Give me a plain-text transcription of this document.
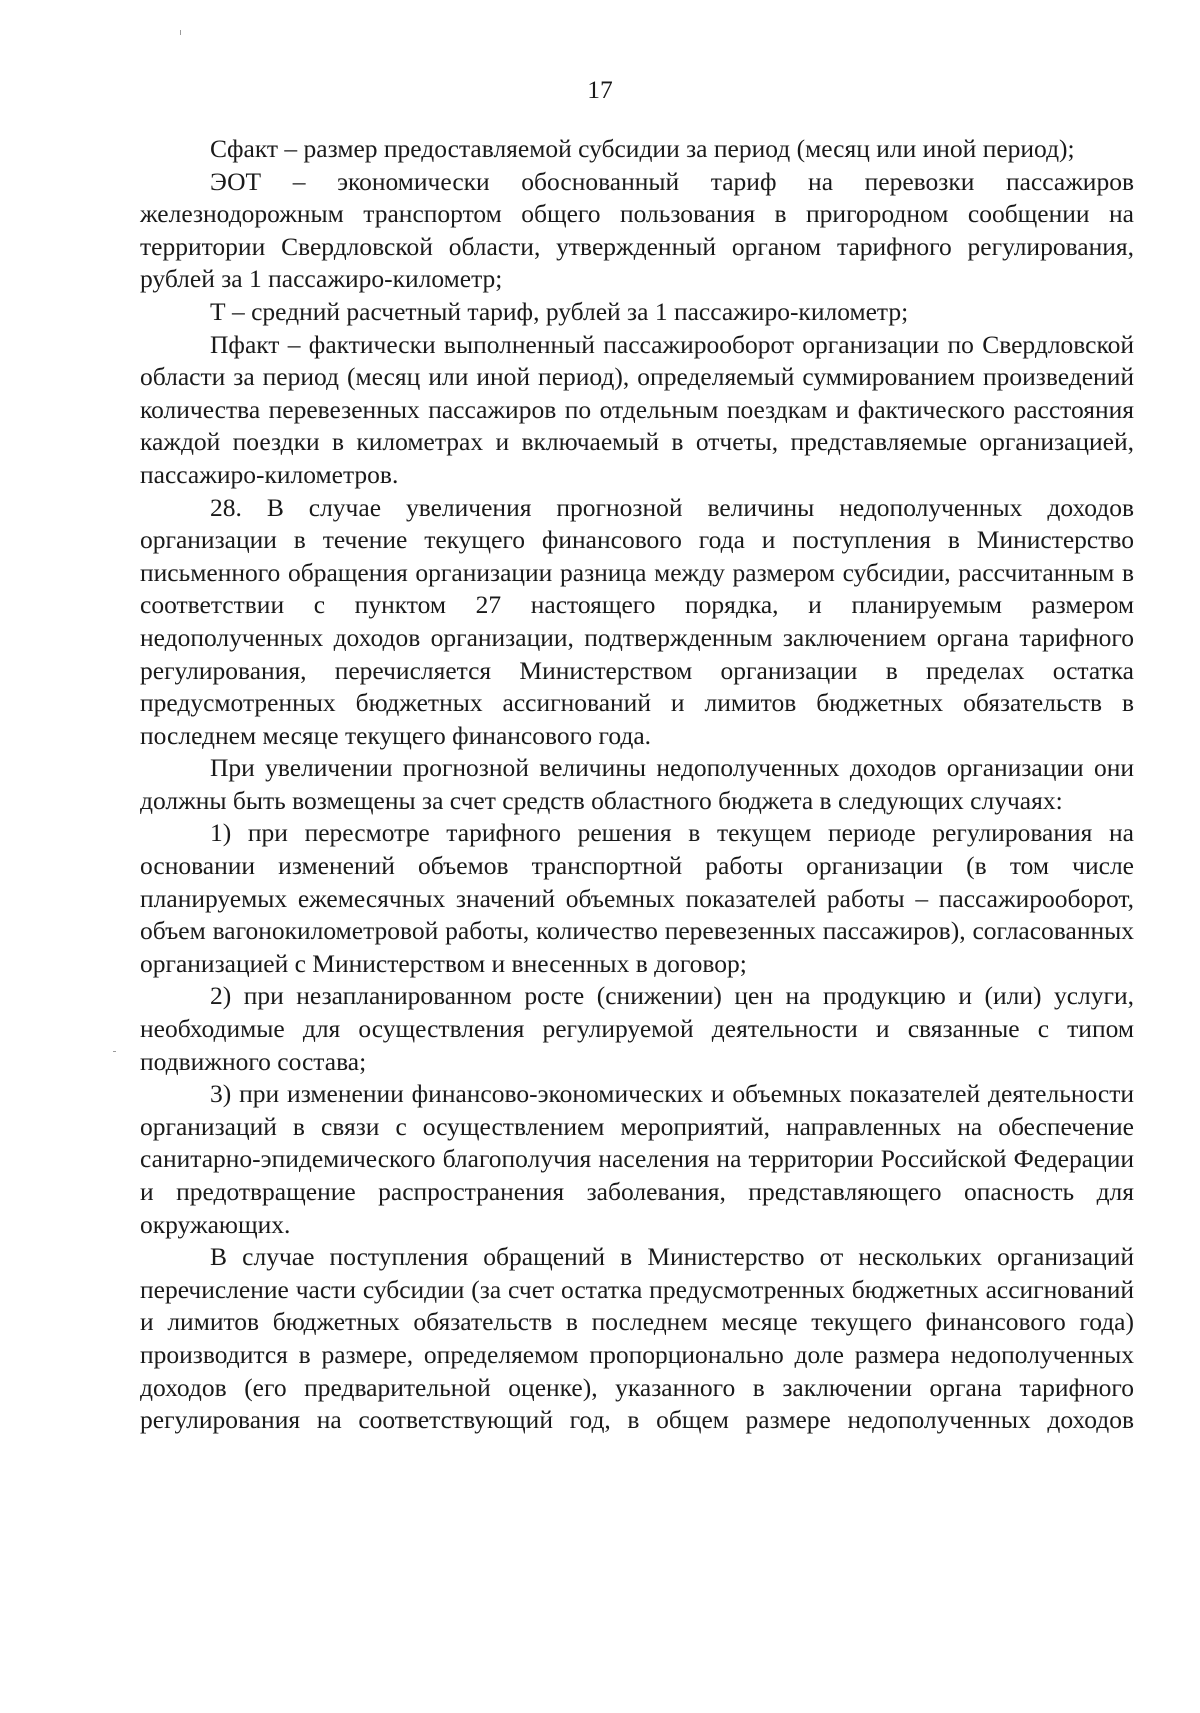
17

Сфакт – размер предоставляемой субсидии за период (месяц или иной период);

ЭОТ – экономически обоснованный тариф на перевозки пассажиров железнодорожным транспортом общего пользования в пригородном сообщении на территории Свердловской области, утвержденный органом тарифного регулирования, рублей за 1 пассажиро-километр;

Т – средний расчетный тариф, рублей за 1 пассажиро-километр;

Пфакт – фактически выполненный пассажирооборот организации по Свердловской области за период (месяц или иной период), определяемый суммированием произведений количества перевезенных пассажиров по отдельным поездкам и фактического расстояния каждой поездки в километрах и включаемый в отчеты, представляемые организацией, пассажиро-километров.

28. В случае увеличения прогнозной величины недополученных доходов организации в течение текущего финансового года и поступления в Министерство письменного обращения организации разница между размером субсидии, рассчитанным в соответствии с пунктом 27 настоящего порядка, и планируемым размером недополученных доходов организации, подтвержденным заключением органа тарифного регулирования, перечисляется Министерством организации в пределах остатка предусмотренных бюджетных ассигнований и лимитов бюджетных обязательств в последнем месяце текущего финансового года.

При увеличении прогнозной величины недополученных доходов организации они должны быть возмещены за счет средств областного бюджета в следующих случаях:

1) при пересмотре тарифного решения в текущем периоде регулирования на основании изменений объемов транспортной работы организации (в том числе планируемых ежемесячных значений объемных показателей работы – пассажирооборот, объем вагонокилометровой работы, количество перевезенных пассажиров), согласованных организацией с Министерством и внесенных в договор;

2) при незапланированном росте (снижении) цен на продукцию и (или) услуги, необходимые для осуществления регулируемой деятельности и связанные с типом подвижного состава;

3) при изменении финансово-экономических и объемных показателей деятельности организаций в связи с осуществлением мероприятий, направленных на обеспечение санитарно-эпидемического благополучия населения на территории Российской Федерации и предотвращение распространения заболевания, представляющего опасность для окружающих.

В случае поступления обращений в Министерство от нескольких организаций перечисление части субсидии (за счет остатка предусмотренных бюджетных ассигнований и лимитов бюджетных обязательств в последнем месяце текущего финансового года) производится в размере, определяемом пропорционально доле размера недополученных доходов (его предварительной оценке), указанного в заключении органа тарифного регулирования на соответствующий год, в общем размере недополученных доходов
